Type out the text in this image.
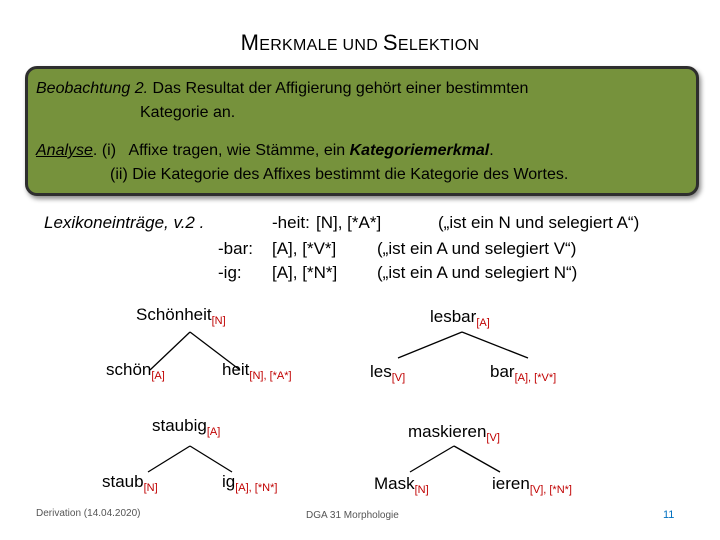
MERKMALE UND SELEKTION
Beobachtung 2. Das Resultat der Affigierung gehört einer bestimmten
Kategorie an.
Analyse. (i)   Affixe tragen, wie Stämme, ein Kategoriemerkmal.
(ii) Die Kategorie des Affixes bestimmt die Kategorie des Wortes.
Lexikoneinträge, v.2 .	-heit: [N], [*A*]	(„ist ein N und selegiert A“)
-bar: [A], [*V*] („ist ein A und selegiert V“)
-ig: [A], [*N*] („ist ein A und selegiert N“)
Schönheit$_{[N]}$
schön$_{[A]}$	heit$_{[N], [*A*]}$
lesbar$_{[A]}$
les$_{[V]}$	bar$_{[A], [*V*]}$
staubig$_{[A]}$
staub$_{[N]}$	$ig_{[A], [*N*]}$
maskieren$_{[V]}$
Mask$_{[N]}$	ieren$_{[V], [*N*]}$
Derivation (14.04.2020)	DGA 31 Morphologie	11
